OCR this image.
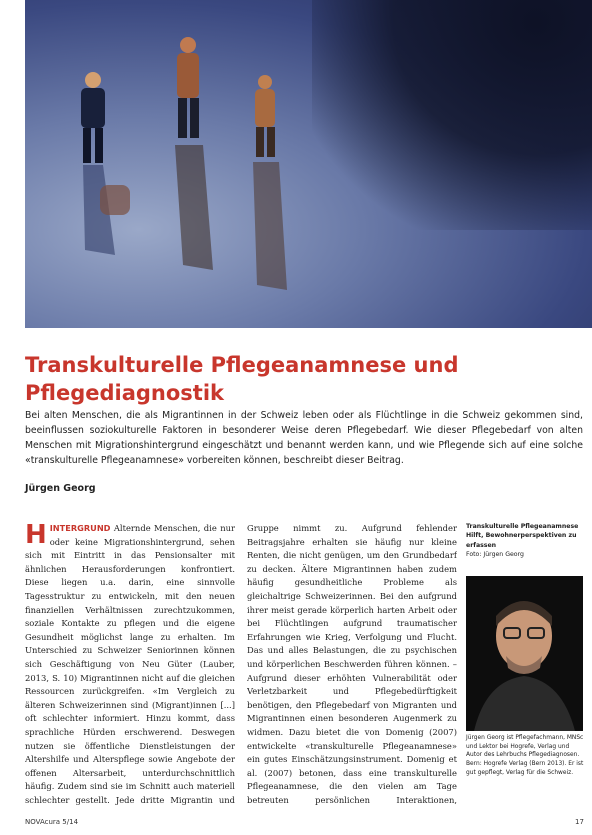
Transkulturelle Pflegeanamnese und Pflegediagnostik

Bei alten Menschen, die als Migrantinnen in der Schweiz leben oder als Flüchtlinge in die Schweiz gekommen sind, beeinflussen soziokulturelle Faktoren in besonderer Weise deren Pflegebedarf. Wie dieser Pflegebedarf von alten Menschen mit Migrationshintergrund eingeschätzt und benannt werden kann, und wie Pflegende sich auf eine solche «transkulturelle Pflegeanamnese» vorbereiten können, beschreibt dieser Beitrag.

Jürgen Georg

HINTERGRUND Alternde Menschen, die nur oder keine Migrationshintergrund, sehen sich mit Eintritt in das Pensionsalter mit ähnlichen Herausforderungen konfrontiert. Diese liegen u.a. darin, eine sinnvolle Tagesstruktur zu entwickeln, mit den neuen finanziellen Verhältnissen zurechtzukommen, soziale Kontakte zu pflegen und die eigene Gesundheit möglichst lange zu erhalten. Im Unterschied zu Schweizer Seniorinnen können sich Geschäftigung von Neu Güter (Lauber, 2013, S. 10) Migrantinnen nicht auf die gleichen Ressourcen zurückgreifen. «Im Vergleich zu älteren Schweizerinnen sind (Migrant)innen [...] oft schlechter informiert. Hinzu kommt, dass sprachliche Hürden erschwerend. Deswegen nutzen sie öffentliche Dienstleistungen der Altershilfe und Alterspflege sowie Angebote der offenen Altersarbeit, unterdurchschnittlich häufig. Zudem sind sie im Schnitt auch materiell schlechter gestellt. Jede dritte Migrantin und

Gruppe nimmt zu. Aufgrund fehlender Beitragsjahre erhalten sie häufig nur kleine Renten, die nicht genügen, um den Grundbedarf zu decken. Ältere Migrantinnen haben zudem häufig gesundheitliche Probleme als gleichaltrige Schweizerinnen. Bei den aufgrund ihrer meist gerade körperlich harten Arbeit oder bei Flüchtlingen aufgrund traumatischer Erfahrungen wie Krieg, Verfolgung und Flucht. Das und alles Belastungen, die zu psychischen und körperlichen Beschwerden führen können. – Aufgrund dieser erhöhten Vulnerabilität oder Verletzbarkeit und Pflegebedürftigkeit benötigen, den Pflegebedarf von Migranten und Migrantinnen einen besonderen Augenmerk zu widmen. Dazu bietet die von Domenig (2007) entwickelte «transkulturelle Pflegeanamnese» ein gutes Einschätzungsinstrument. Domenig et al. (2007) betonen, dass eine transkulturelle Pflegeanamnese, die den vielen am Tage betreuten persönlichen Interaktionen,

Transkulturelle Pflegeanamnese
Hilft, Bewohnerperspektiven zu erfassen
Foto: Jürgen Georg

Jürgen Georg ist Pflegefachmann, MNSc und Lektor bei Hogrefe, Verlag und Autor des Lehrbuchs Pflegediagnosen. Bern: Hogrefe Verlag (Bern 2013). Er ist gut gepflegt, Verlag für die Schweiz.

NOVAcura 5/14	17
